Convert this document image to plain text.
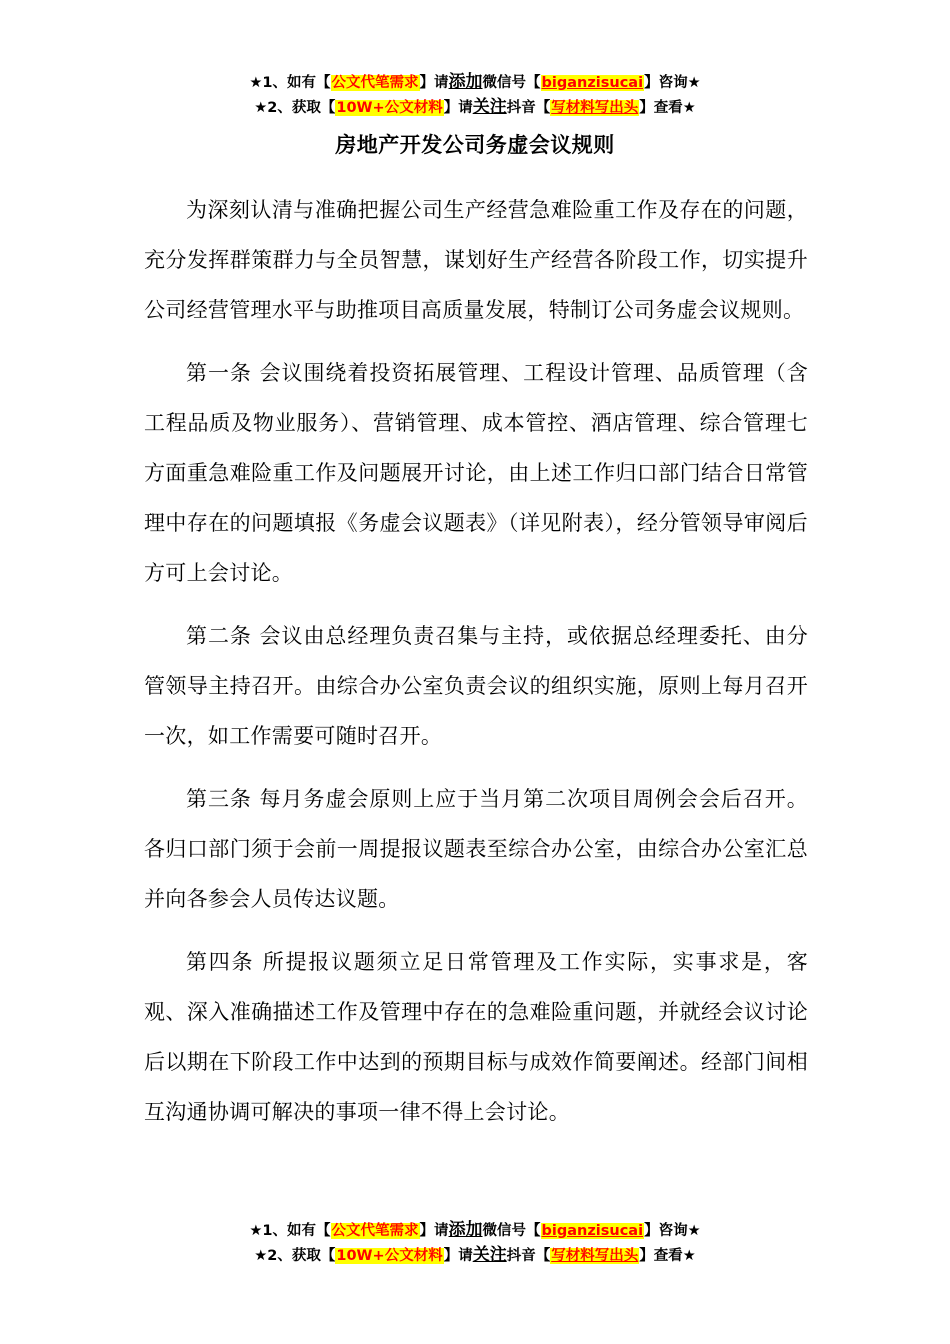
★1、如有【公文代笔需求】请添加微信号【biganzisucai】咨询★
★2、获取【10W+公文材料】请关注抖音【写材料写出头】查看★
房地产开发公司务虚会议规则

为深刻认清与准确把握公司生产经营急难险重工作及存在的问题，充分发挥群策群力与全员智慧，谋划好生产经营各阶段工作，切实提升公司经营管理水平与助推项目高质量发展，特制订公司务虚会议规则。

第一条 会议围绕着投资拓展管理、工程设计管理、品质管理（含工程品质及物业服务）、营销管理、成本管控、酒店管理、综合管理七方面重急难险重工作及问题展开讨论，由上述工作归口部门结合日常管理中存在的问题填报《务虚会议题表》（详见附表），经分管领导审阅后方可上会讨论。

第二条 会议由总经理负责召集与主持，或依据总经理委托、由分管领导主持召开。由综合办公室负责会议的组织实施，原则上每月召开一次，如工作需要可随时召开。

第三条 每月务虚会原则上应于当月第二次项目周例会会后召开。各归口部门须于会前一周提报议题表至综合办公室，由综合办公室汇总并向各参会人员传达议题。

第四条 所提报议题须立足日常管理及工作实际，实事求是，客观、深入准确描述工作及管理中存在的急难险重问题，并就经会议讨论后以期在下阶段工作中达到的预期目标与成效作简要阐述。经部门间相互沟通协调可解决的事项一律不得上会讨论。

★1、如有【公文代笔需求】请添加微信号【biganzisucai】咨询★
★2、获取【10W+公文材料】请关注抖音【写材料写出头】查看★
